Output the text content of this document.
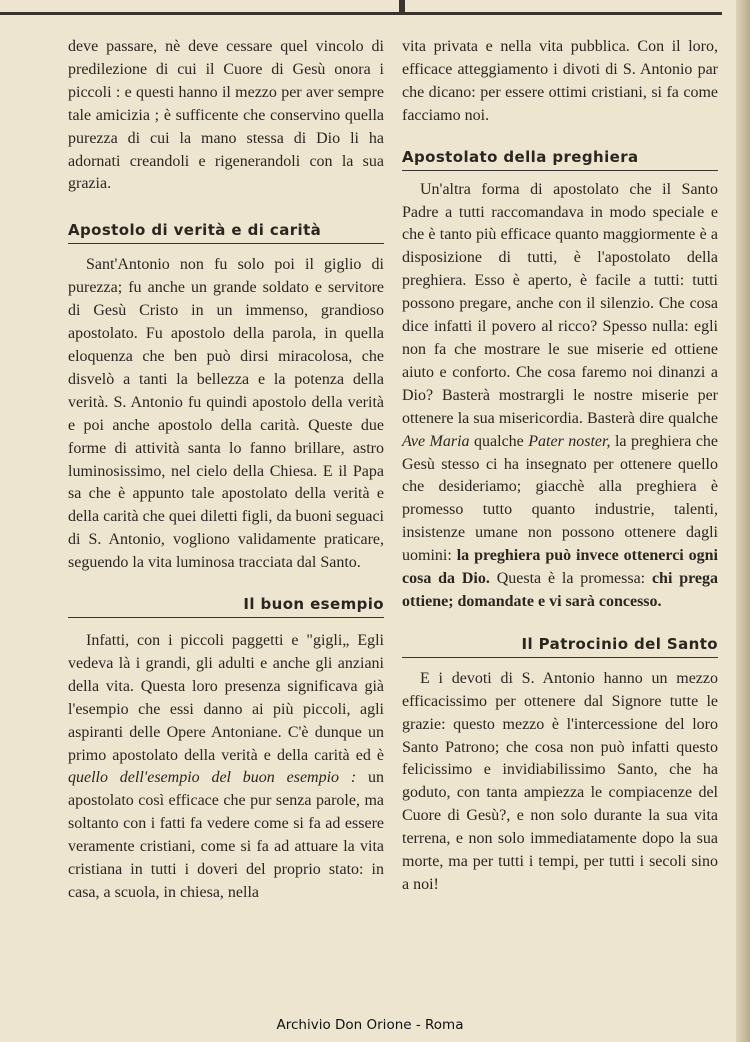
deve passare, nè deve cessare quel vincolo di predilezione di cui il Cuore di Gesù onora i piccoli : e questi hanno il mezzo per aver sempre tale amicizia ; è sufficente che conservino quella purezza di cui la mano stessa di Dio li ha adornati creandoli e rigenerandoli con la sua grazia.

Apostolo di verità e di carità

Sant'Antonio non fu solo poi il giglio di purezza; fu anche un grande soldato e servitore di Gesù Cristo in un immenso, grandioso apostolato. Fu apostolo della parola, in quella eloquenza che ben può dirsi miracolosa, che disvelò a tanti la bellezza e la potenza della verità. S. Antonio fu quindi apostolo della verità e poi anche apostolo della carità. Queste due forme di attività santa lo fanno brillare, astro luminosissimo, nel cielo della Chiesa. E il Papa sa che è appunto tale apostolato della verità e della carità che quei diletti figli, da buoni seguaci di S. Antonio, vogliono validamente praticare, seguendo la vita luminosa tracciata dal Santo.

Il buon esempio

Infatti, con i piccoli paggetti e "gigli„ Egli vedeva là i grandi, gli adulti e anche gli anziani della vita. Questa loro presenza significava già l'esempio che essi danno ai più piccoli, agli aspiranti delle Opere Antoniane. C'è dunque un primo apostolato della verità e della carità ed è quello dell'esempio del buon esempio : un apostolato così efficace che pur senza parole, ma soltanto con i fatti fa vedere come si fa ad essere veramente cristiani, come si fa ad attuare la vita cristiana in tutti i doveri del proprio stato: in casa, a scuola, in chiesa, nella

vita privata e nella vita pubblica. Con il loro, efficace atteggiamento i divoti di S. Antonio par che dicano: per essere ottimi cristiani, si fa come facciamo noi.

Apostolato della preghiera

Un'altra forma di apostolato che il Santo Padre a tutti raccomandava in modo speciale e che è tanto più efficace quanto maggiormente è a disposizione di tutti, è l'apostolato della preghiera. Esso è aperto, è facile a tutti: tutti possono pregare, anche con il silenzio. Che cosa dice infatti il povero al ricco? Spesso nulla: egli non fa che mostrare le sue miserie ed ottiene aiuto e conforto. Che cosa faremo noi dinanzi a Dio? Basterà mostrargli le nostre miserie per ottenere la sua misericordia. Basterà dire qualche Ave Maria qualche Pater noster, la preghiera che Gesù stesso ci ha insegnato per ottenere quello che desideriamo; giacchè alla preghiera è promesso tutto quanto industrie, talenti, insistenze umane non possono ottenere dagli uomini: la preghiera può invece ottenerci ogni cosa da Dio. Questa è la promessa: chi prega ottiene; domandate e vi sarà concesso.

Il Patrocinio del Santo

E i devoti di S. Antonio hanno un mezzo efficacissimo per ottenere dal Signore tutte le grazie: questo mezzo è l'intercessione del loro Santo Patrono; che cosa non può infatti questo felicissimo e invidiabilissimo Santo, che ha goduto, con tanta ampiezza le compiacenze del Cuore di Gesù?, e non solo durante la sua vita terrena, e non solo immediatamente dopo la sua morte, ma per tutti i tempi, per tutti i secoli sino a noi!

Archivio Don Orione - Roma
